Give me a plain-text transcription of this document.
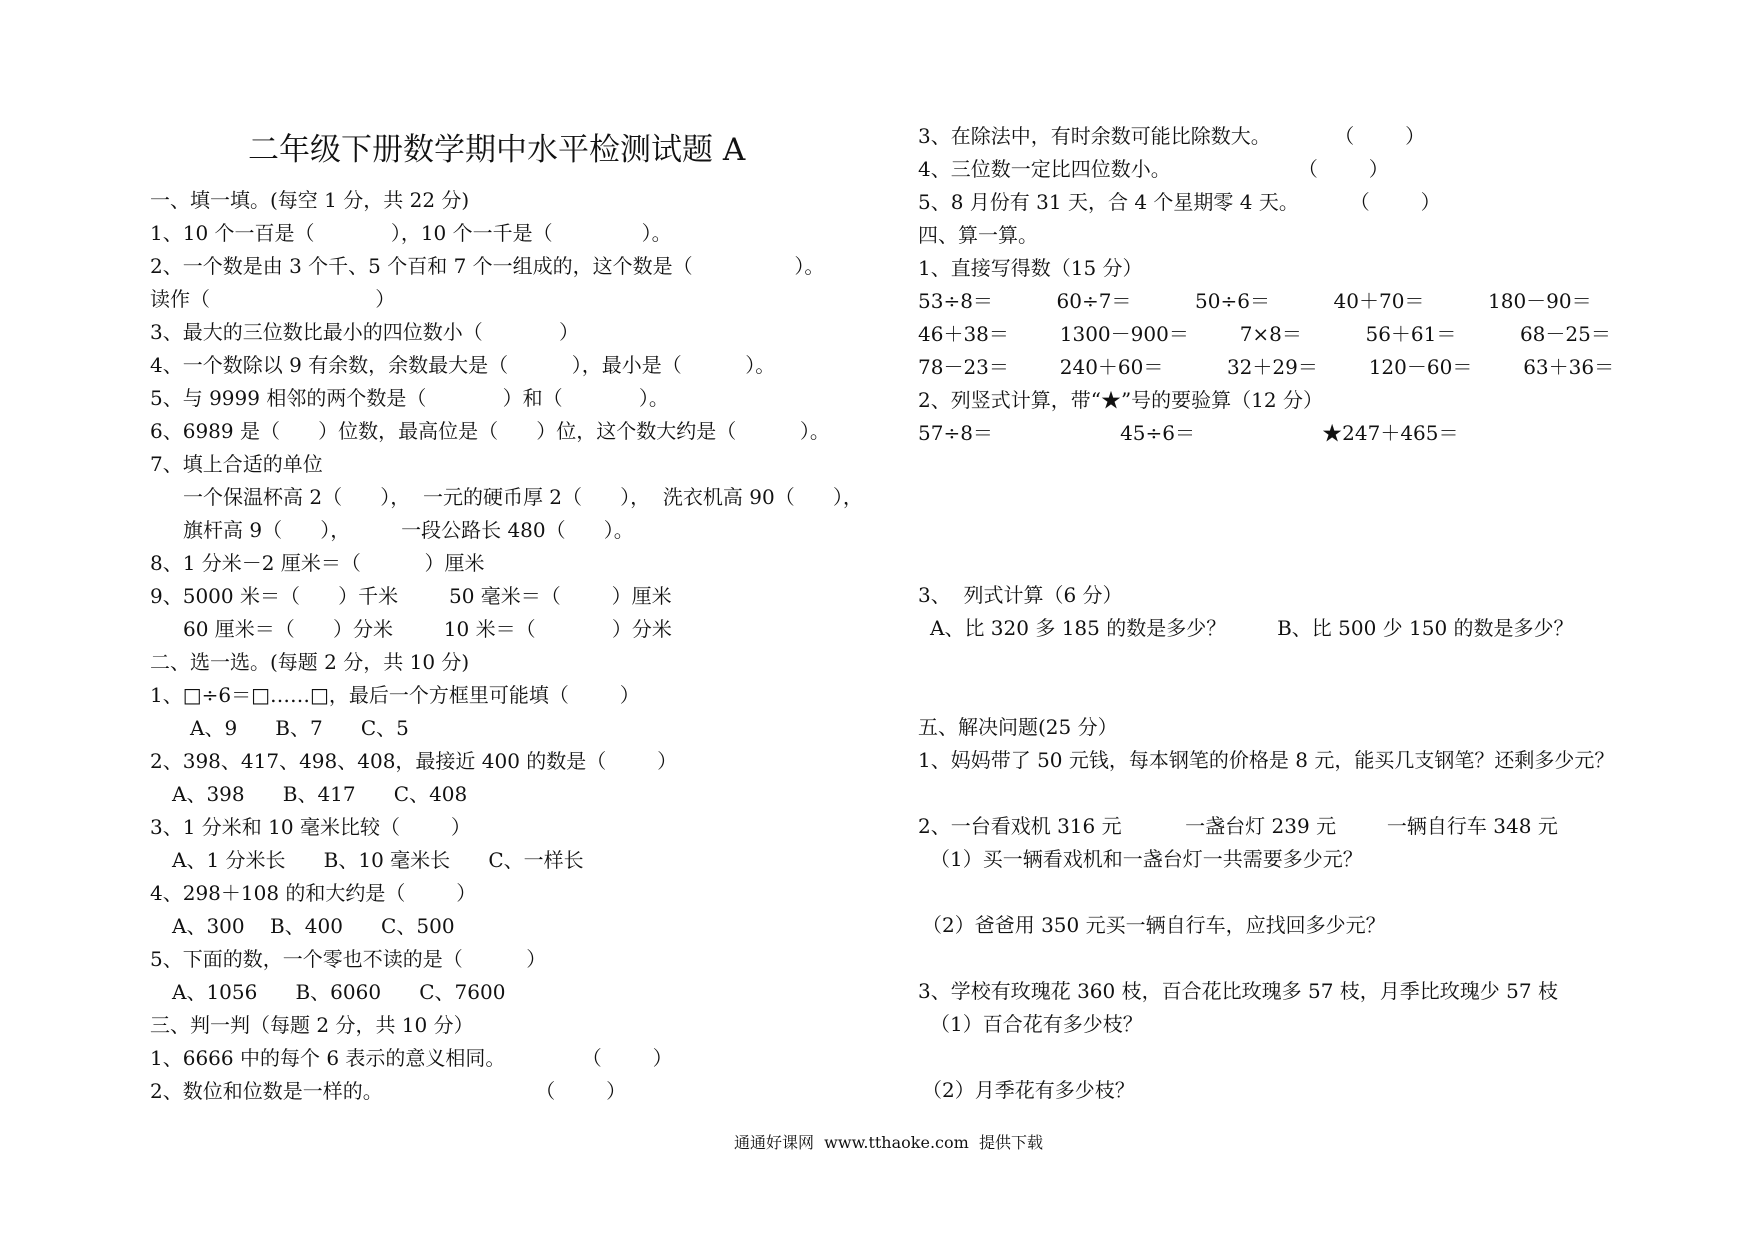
二年级下册数学期中水平检测试题 A
一、填一填。(每空 1 分，共 22 分)
1、10 个一百是（            ），10 个一千是（              ）。
2、一个数是由 3 个千、5 个百和 7 个一组成的，这个数是（                ）。
读作（                          ）
3、最大的三位数比最小的四位数小（            ）
4、一个数除以 9 有余数，余数最大是（          ），最小是（          ）。
5、与 9999 相邻的两个数是（            ）和（            ）。
6、6989 是（      ）位数，最高位是（      ）位，这个数大约是（          ）。
7、填上合适的单位
一个保温杯高 2（      ），  一元的硬币厚 2（      ），  洗衣机高 90（      ），
旗杆高 9（      ），        一段公路长 480（      ）。
8、1 分米－2 厘米＝（          ）厘米
9、5000 米＝（      ）千米        50 毫米＝（        ）厘米
60 厘米＝（      ）分米        10 米＝（            ）分米
二、选一选。(每题 2 分，共 10 分)
1、□÷6＝□……□，最后一个方框里可能填（        ）
A、9      B、7      C、5
2、398、417、498、408，最接近 400 的数是（        ）
A、398      B、417      C、408
3、1 分米和 10 毫米比较（        ）
A、1 分米长      B、10 毫米长      C、一样长
4、298＋108 的和大约是（        ）
A、300    B、400      C、500
5、下面的数，一个零也不读的是（          ）
A、1056      B、6060      C、7600
三、判一判（每题 2 分，共 10 分）
1、6666 中的每个 6 表示的意义相同。            （        ）
2、数位和位数是一样的。                        （        ）
3、在除法中，有时余数可能比除数大。          （        ）
4、三位数一定比四位数小。                    （        ）
5、8 月份有 31 天，合 4 个星期零 4 天。        （        ）
四、算一算。
1、直接写得数（15 分）
53÷8＝          60÷7＝          50÷6＝          40＋70＝          180－90＝
46＋38＝        1300－900＝        7×8＝          56＋61＝          68－25＝
78－23＝        240＋60＝          32＋29＝        120－60＝        63＋36＝
2、列竖式计算，带“★”号的要验算（12 分）
57÷8＝                    45÷6＝                    ★247＋465＝
3、  列式计算（6 分）
A、比 320 多 185 的数是多少？        B、比 500 少 150 的数是多少？
五、解决问题(25 分）
1、妈妈带了 50 元钱，每本钢笔的价格是 8 元，能买几支钢笔？还剩多少元？
2、一台看戏机 316 元          一盏台灯 239 元        一辆自行车 348 元
（1）买一辆看戏机和一盏台灯一共需要多少元？
（2）爸爸用 350 元买一辆自行车，应找回多少元？
3、学校有玫瑰花 360 枝，百合花比玫瑰多 57 枝，月季比玫瑰少 57 枝
（1）百合花有多少枝？
（2）月季花有多少枝？
通通好课网  www.tthaoke.com  提供下载
